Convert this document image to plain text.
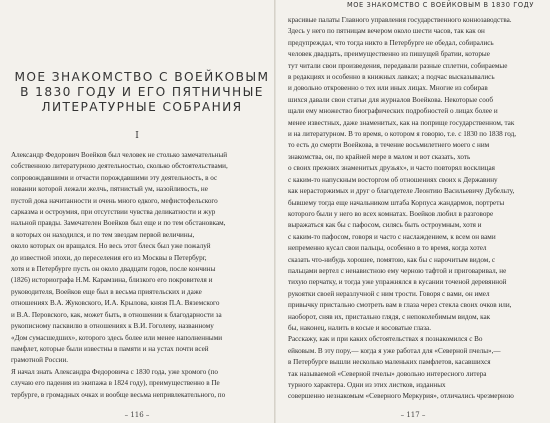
МОЕ ЗНАКОМСТВО С ВОЕЙКОВЫМ
В 1830 ГОДУ И ЕГО ПЯТНИЧНЫЕ
ЛИТЕРАТУРНЫЕ СОБРАНИЯ
I
Александр Федорович Воейков был человек не столько замечательный
собственною литературною деятельностью, сколько обстоятельствами,
сопровождавшими и отчасти порождавшими эту деятельность, в ос
новании которой лежали желчь, пятнистый ум, назойливость, не
пустой дока начитанности и очень много едкого, мефистофельского
сарказма и остроумия, при отсутствии чувства деликатности и жур
нальной правды. Замечателен Воейков был еще и по тем обстановкам,
в которых он находился, и по тем звездам первой величины,
около которых он вращался. Но весь этот блеск был уже пожалуй
до известной эпохи, до переселения его из Москвы в Петербург,
хотя и в Петербурге пусть он около двадцати годов, после кончины
(1826) историографа Н.М. Карамзина, близкого его покровителя и
руководителя, Воейков еще был в весьма приятельских и даже
отношениях В.А. Жуковского, И.А. Крылова, князя П.А. Вяземского
и В.А. Перовского, как, может быть, в отношении к благодарности за
рукописному пасквилю в отношениях к В.И. Гоголеву, названному
«Дом сумасшедших», которого здесь более или менее наполненными
памфлет, которые были известны в памяти и на устах почти всей
грамотной России.
Я начал знать Александра Федоровича с 1830 года, уже хромого (по
случаю его падения из экипажа в 1824 году), преимущественно в Пе
тербурге, в громадных очках и вообще весьма непривлекательного, по
– 116 –
МОЕ ЗНАКОМСТВО С ВОЕЙКОВЫМ В 1830 ГОДУ
красивые палаты Главного управления государственного коннозаводства.
Здесь у него по пятницам вечером около шести часов, так как он
предупреждал, что тогда никто в Петербурге не обедал, собирались
человек двадцать, преимущественно из пишущей братии, которые
тут читали свои произведения, передавали разные сплетни, собираемые
в редакциях и особенно в книжных лавках; а подчас высказывались
и довольно откровенно о тех или иных лицах. Многие из собирав
шихся давали свои статьи для журналов Воейкова. Некоторые сооб
щали ему множество биографических подробностей о лицах более и
менее известных, даже знаменитых, как на поприще государственном, так
и на литературном. В то время, о котором я говорю, т.е. с 1830 по 1838 год,
то есть до смерти Воейкова, в течение восьмилетнего моего с ним
знакомства, он, по крайней мере в малом и вот сказать, хоть
о своих прежних знаменитых друзьях», и часто повторял восклицая
с каким-то напускным восторгом об отношениях своих к Державину
как нерасторжимых и друг о благодетеле Леонтию Васильевичу Дубельту,
бывшему тогда еще начальником штаба Корпуса жандармов, портреты
которого были у него во всех комнатах. Воейков любил в разговоре
выражаться как бы с пафосом, силясь быть остроумным, хотя и
с каким-то пафосом, говоря и часто с наслаждением, к всем он вами
непременно кусал свои пальцы, особенно в то время, когда хотел
сказать что-нибудь хорошее, помятою, как бы с нарочитым видом, с
пальцами вертел с ненавистною ему черною тафтой и приговаривал, не
тихую перчатку, и тогда уже упражнялся в кусании точеной деревянной
рукоятки своей неразлучной с ним трости. Говоря с вами, он имел
привычку пристально смотреть вам в глаза через стекла своих очков или,
наоборот, сняв их, пристально глядя, с непоколебимым видом, как
бы, наконец, налить в косые и косоватые глаза.
Расскажу, как и при каких обстоятельствах я познакомился с Во
ейковым. В эту пору,— когда я уже работал для «Северной пчелы»,—
в Петербурге вышли несколько маленьких памфлетов, касавшихся
так называемой «Северной пчелы» довольно интересного литера
турного характера. Одни из этих листков, изданных
совершенно незнакомым «Северного Меркурия», отличались чрезмерною
– 117 –
